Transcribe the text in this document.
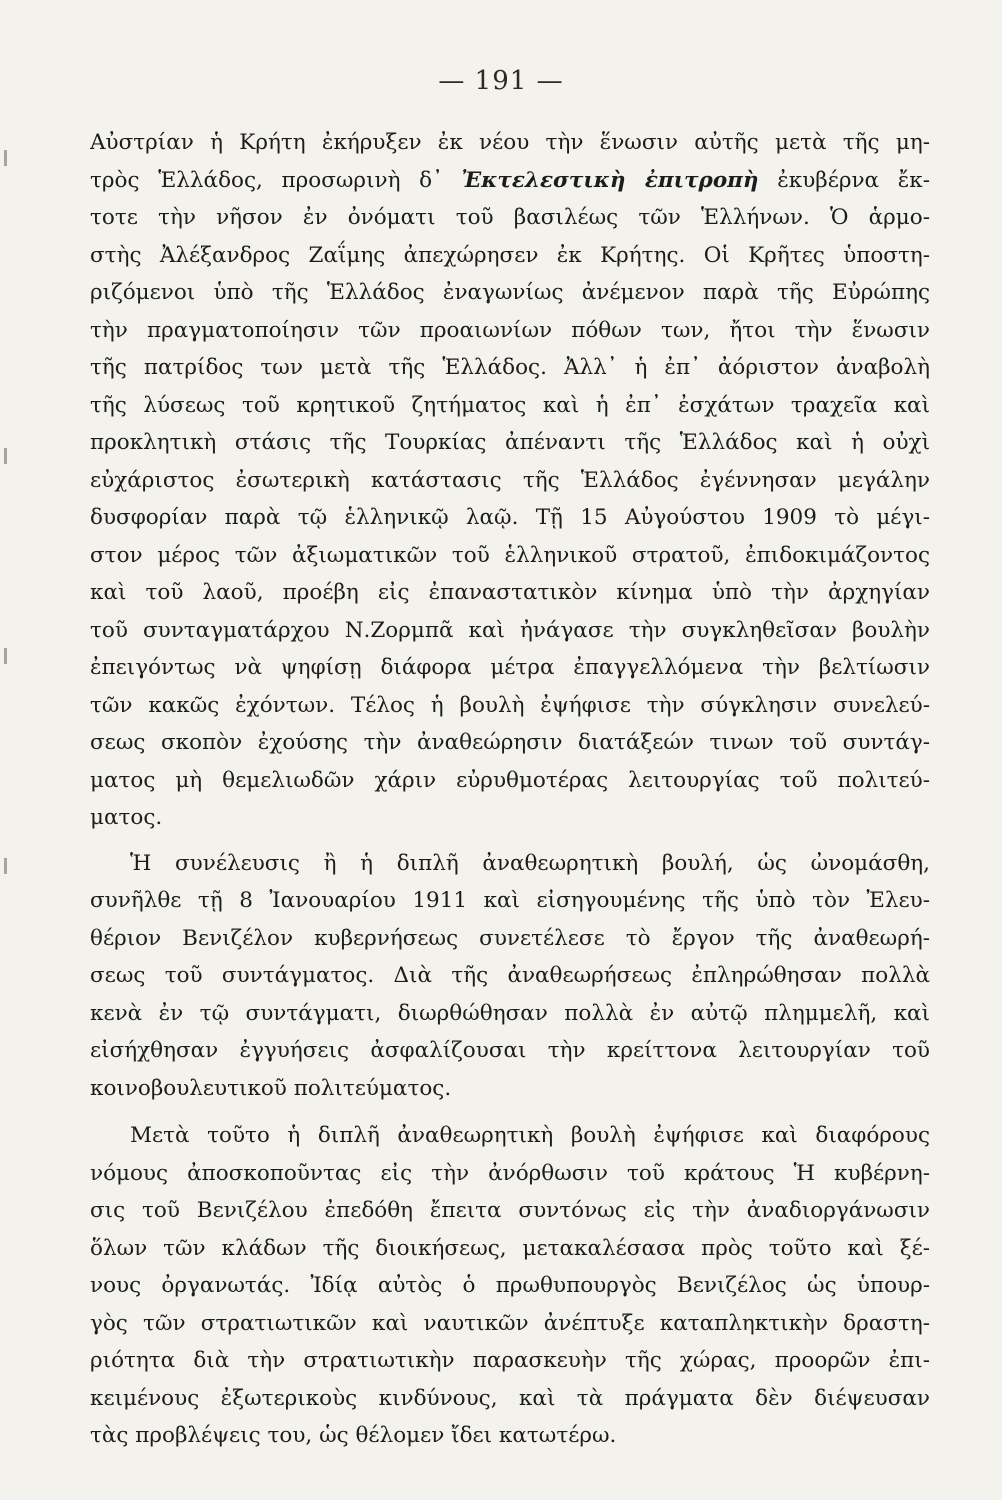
— 191 —
Αὐστρίαν ἡ Κρήτη ἐκήρυξεν ἐκ νέου τὴν ἕνωσιν αὐτῆς μετὰ τῆς μη-
τρὸς Ἑλλάδος, προσωρινὴ δ᾽ Ἐκτελεστικὴ ἐπιτροπὴ ἐκυβέρνα ἔκ-
τοτε τὴν νῆσον ἐν ὀνόματι τοῦ βασιλέως τῶν Ἑλλήνων. Ὁ ἁρμο-
στὴς Ἀλέξανδρος Ζαΐμης ἀπεχώρησεν ἐκ Κρήτης. Οἱ Κρῆτες ὑποστη-
ριζόμενοι ὑπὸ τῆς Ἑλλάδος ἐναγωνίως ἀνέμενον παρὰ τῆς Εὐρώπης
τὴν πραγματοποίησιν τῶν προαιωνίων πόθων των, ἤτοι τὴν ἕνωσιν
τῆς πατρίδος των μετὰ τῆς Ἑλλάδος. Ἀλλ᾽ ἡ ἐπ᾽ ἀόριστον ἀναβολὴ
τῆς λύσεως τοῦ κρητικοῦ ζητήματος καὶ ἡ ἐπ᾽ ἐσχάτων τραχεῖα καὶ
προκλητικὴ στάσις τῆς Τουρκίας ἀπέναντι τῆς Ἑλλάδος καὶ ἡ οὐχὶ
εὐχάριστος ἐσωτερικὴ κατάστασις τῆς Ἑλλάδος ἐγέννησαν μεγάλην
δυσφορίαν παρὰ τῷ ἑλληνικῷ λαῷ. Τῇ 15 Αὐγούστου 1909 τὸ μέγι-
στον μέρος τῶν ἀξιωματικῶν τοῦ ἑλληνικοῦ στρατοῦ, ἐπιδοκιμάζοντος
καὶ τοῦ λαοῦ, προέβη εἰς ἐπαναστατικὸν κίνημα ὑπὸ τὴν ἀρχηγίαν
τοῦ συνταγματάρχου Ν.Ζορμπᾶ καὶ ἠνάγασε τὴν συγκληθεῖσαν βουλὴν
ἐπειγόντως νὰ ψηφίσῃ διάφορα μέτρα ἐπαγγελλόμενα τὴν βελτίωσιν
τῶν κακῶς ἐχόντων. Τέλος ἡ βουλὴ ἐψήφισε τὴν σύγκλησιν συνελεύ-
σεως σκοπὸν ἐχούσης τὴν ἀναθεώρησιν διατάξεών τινων τοῦ συντάγ-
ματος μὴ θεμελιωδῶν χάριν εὐρυθμοτέρας λειτουργίας τοῦ πολιτεύ-
ματος.
Ἡ συνέλευσις ἢ ἡ διπλῆ ἀναθεωρητικὴ βουλή, ὡς ὠνομάσθη,
συνῆλθε τῇ 8 Ἰανουαρίου 1911 καὶ εἰσηγουμένης τῆς ὑπὸ τὸν Ἐλευ-
θέριον Βενιζέλον κυβερνήσεως συνετέλεσε τὸ ἔργον τῆς ἀναθεωρή-
σεως τοῦ συντάγματος. Διὰ τῆς ἀναθεωρήσεως ἐπληρώθησαν πολλὰ
κενὰ ἐν τῷ συντάγματι, διωρθώθησαν πολλὰ ἐν αὐτῷ πλημμελῆ, καὶ
εἰσήχθησαν ἐγγυήσεις ἀσφαλίζουσαι τὴν κρείττονα λειτουργίαν τοῦ
κοινοβουλευτικοῦ πολιτεύματος.
Μετὰ τοῦτο ἡ διπλῆ ἀναθεωρητικὴ βουλὴ ἐψήφισε καὶ διαφόρους
νόμους ἀποσκοποῦντας εἰς τὴν ἀνόρθωσιν τοῦ κράτους Ἡ κυβέρνη-
σις τοῦ Βενιζέλου ἐπεδόθη ἔπειτα συντόνως εἰς τὴν ἀναδιοργάνωσιν
ὅλων τῶν κλάδων τῆς διοικήσεως, μετακαλέσασα πρὸς τοῦτο καὶ ξέ-
νους ὀργανωτάς. Ἰδίᾳ αὐτὸς ὁ πρωθυπουργὸς Βενιζέλος ὡς ὑπουρ-
γὸς τῶν στρατιωτικῶν καὶ ναυτικῶν ἀνέπτυξε καταπληκτικὴν δραστη-
ριότητα διὰ τὴν στρατιωτικὴν παρασκευὴν τῆς χώρας, προορῶν ἐπι-
κειμένους ἐξωτερικοὺς κινδύνους, καὶ τὰ πράγματα δὲν διέψευσαν
τὰς προβλέψεις του, ὡς θέλομεν ἴδει κατωτέρω.
